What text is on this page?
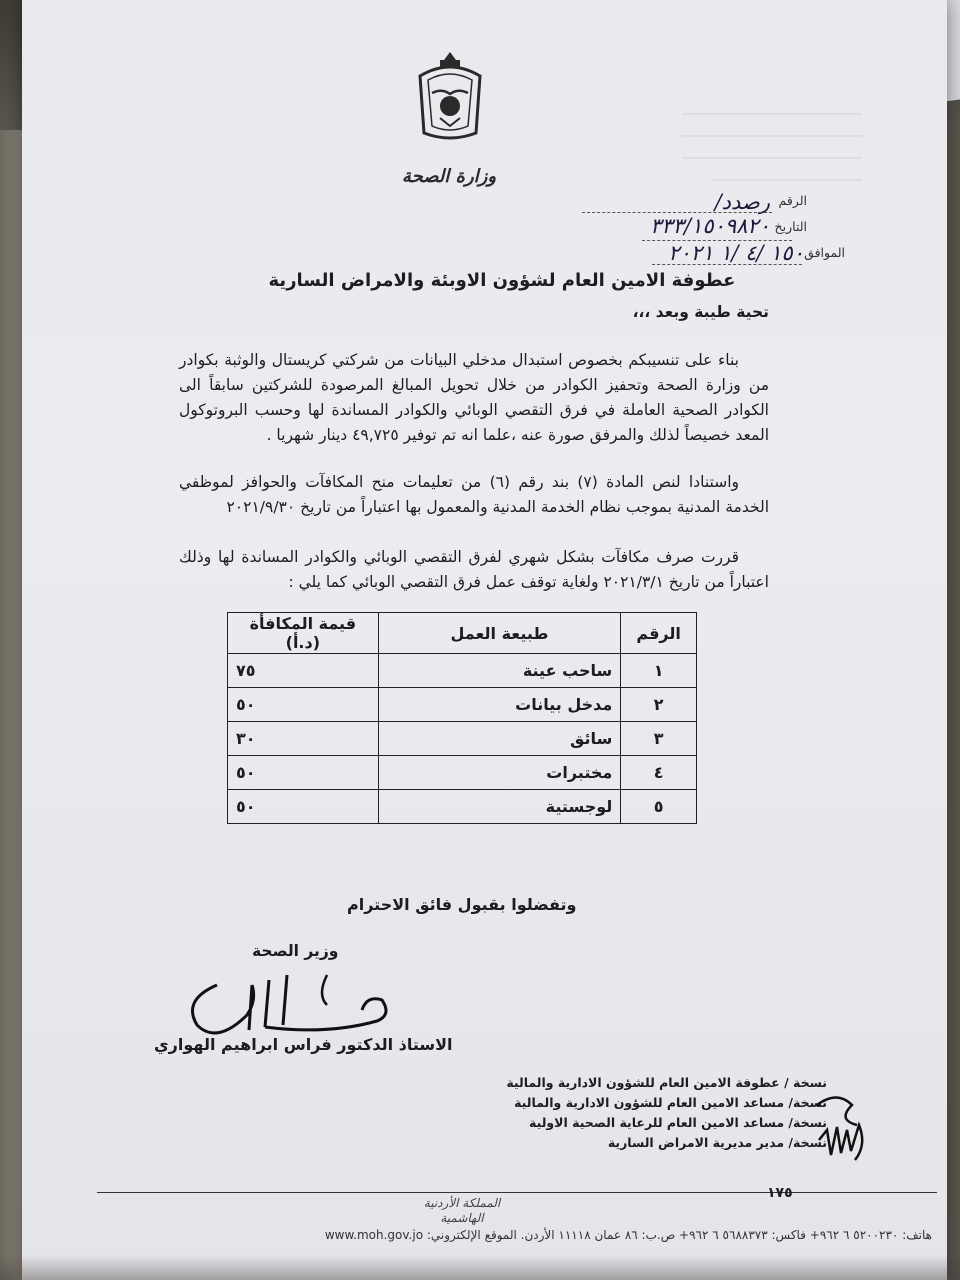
________________________
________________________
________________________
____________________
وزارة الصحة
الرقم
رصدد/ ٣٣٣/١٥٠٩٨٢٠ التاريخ
الموافق
١٥٠ /٤ /١ ٢٠٢١
عطوفة الامين العام لشؤون الاوبئة والامراض السارية
تحية طيبة وبعد ،،،

بناء على تنسيبكم بخصوص استبدال مدخلي البيانات من شركتي كريستال والوثبة بكوادر من وزارة الصحة وتحفيز الكوادر من خلال تحويل المبالغ المرصودة للشركتين سابقاً الى الكوادر الصحية العاملة في فرق التقصي الوبائي والكوادر المساندة لها وحسب البروتوكول المعد خصيصاً لذلك والمرفق صورة عنه ،علما انه تم توفير ٤٩,٧٢٥ دينار شهريا .

واستنادا لنص المادة (٧) بند رقم (٦) من تعليمات منح المكافآت والحوافز لموظفي الخدمة المدنية بموجب نظام الخدمة المدنية والمعمول بها اعتباراً من تاريخ ٢٠٢١/٩/٣٠

قررت صرف مكافآت بشكل شهري لفرق التقصي الوبائي والكوادر المساندة لها وذلك اعتباراً من تاريخ ٢٠٢١/٣/١ ولغاية توقف عمل فرق التقصي الوبائي كما يلي :

الرقم	طبيعة العمل	قيمة المكافأة (د.أ)
١	ساحب عينة	٧٥
٢	مدخل بيانات	٥٠
٣	سائق	٣٠
٤	مختبرات	٥٠
٥	لوجستية	٥٠
وتفضلوا بقبول فائق الاحترام
وزير الصحة
الاستاذ الدكتور فراس ابراهيم الهواري
نسخة / عطوفة الامين العام للشؤون الادارية والمالية
نسخة/ مساعد الامين العام للشؤون الادارية والمالية
نسخة/ مساعد الامين العام للرعاية الصحية الاولية
نسخة/ مدير مديرية الامراض السارية
١٧٥
المملكة الأردنية الهاشمية
هاتف: ٥٢٠٠٢٣٠ ٦ ٩٦٢+ فاكس: ٥٦٨٨٣٧٣ ٦ ٩٦٢+ ص.ب: ٨٦ عمان ١١١١٨ الأردن. الموقع الإلكتروني: www.moh.gov.jo
